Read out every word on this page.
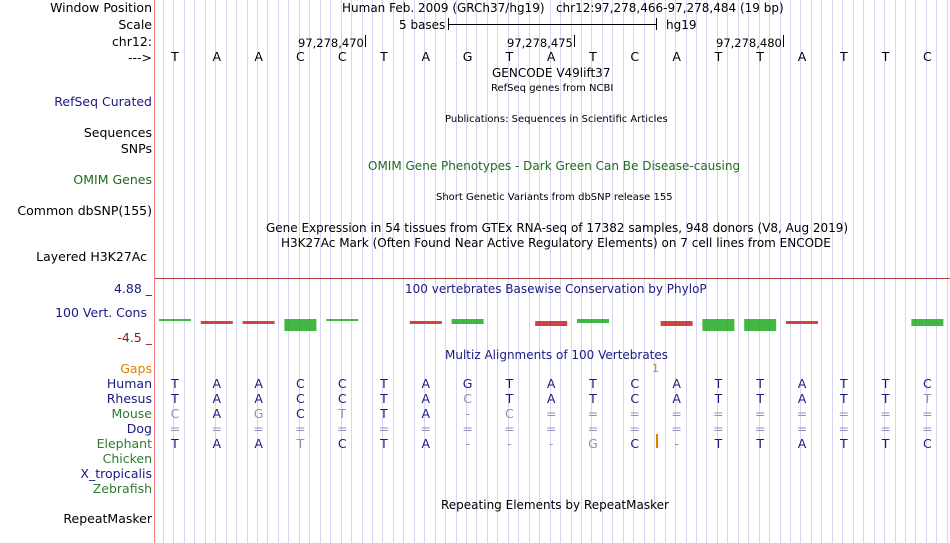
Window Position	Human Feb. 2009 (GRCh37/hg19)   chr12:97,278,466-97,278,484 (19 bp)
Scale	5 bases	hg19
chr12:	97,278,470	97,278,475	97,278,480
--->	T	A	A	C	C	T	A	G	T	A	T	C	A	T	T	A	T	T	C
GENCODE V49lift37
RefSeq genes from NCBI
RefSeq Curated
Publications: Sequences in Scientific Articles
Sequences
SNPs
OMIM Gene Phenotypes - Dark Green Can Be Disease-causing
OMIM Genes
Short Genetic Variants from dbSNP release 155
Common dbSNP(155)
Gene Expression in 54 tissues from GTEx RNA-seq of 17382 samples, 948 donors (V8, Aug 2019)
H3K27Ac Mark (Often Found Near Active Regulatory Elements) on 7 cell lines from ENCODE
Layered H3K27Ac
100 vertebrates Basewise Conservation by PhyloP
4.88 _
100 Vert. Cons
-4.5 _
Multiz Alignments of 100 Vertebrates
Gaps	1
Human	T	A	A	C	C	T	A	G	T	A	T	C	A	T	T	A	T	T	C
Rhesus	T	A	A	C	C	T	A	C	T	A	T	C	A	T	T	A	T	T	T
Mouse	C	A	G	C	T	T	A	-	C	=	=	=	=	=	=	=	=	=	=
Dog	=	=	=	=	=	=	=	=	=	=	=	=	=	=	=	=	=	=	=
Elephant	T	A	A	T	C	T	A	-	-	-	G	C	-	T	T	A	T	T	C
Chicken
X_tropicalis
Zebrafish
Repeating Elements by RepeatMasker
RepeatMasker
